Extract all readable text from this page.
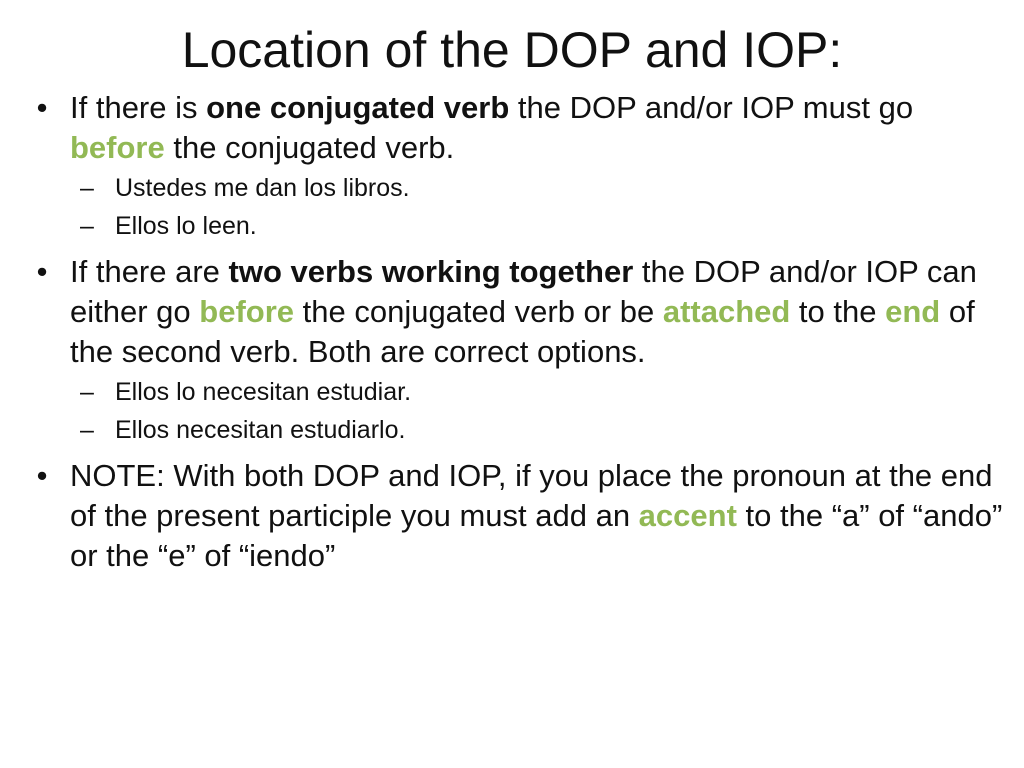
Location of the DOP and IOP:

• If there is one conjugated verb the DOP and/or IOP must go before the conjugated verb.

– Ustedes me dan los libros.

– Ellos lo leen.

• If there are two verbs working together the DOP and/or IOP can either go before the conjugated verb or be attached to the end of the second verb. Both are correct options.

– Ellos lo necesitan estudiar.

– Ellos necesitan estudiarlo.

• NOTE: With both DOP and IOP, if you place the pronoun at the end of the present participle you must add an accent to the “a” of “ando” or the “e” of “iendo”
